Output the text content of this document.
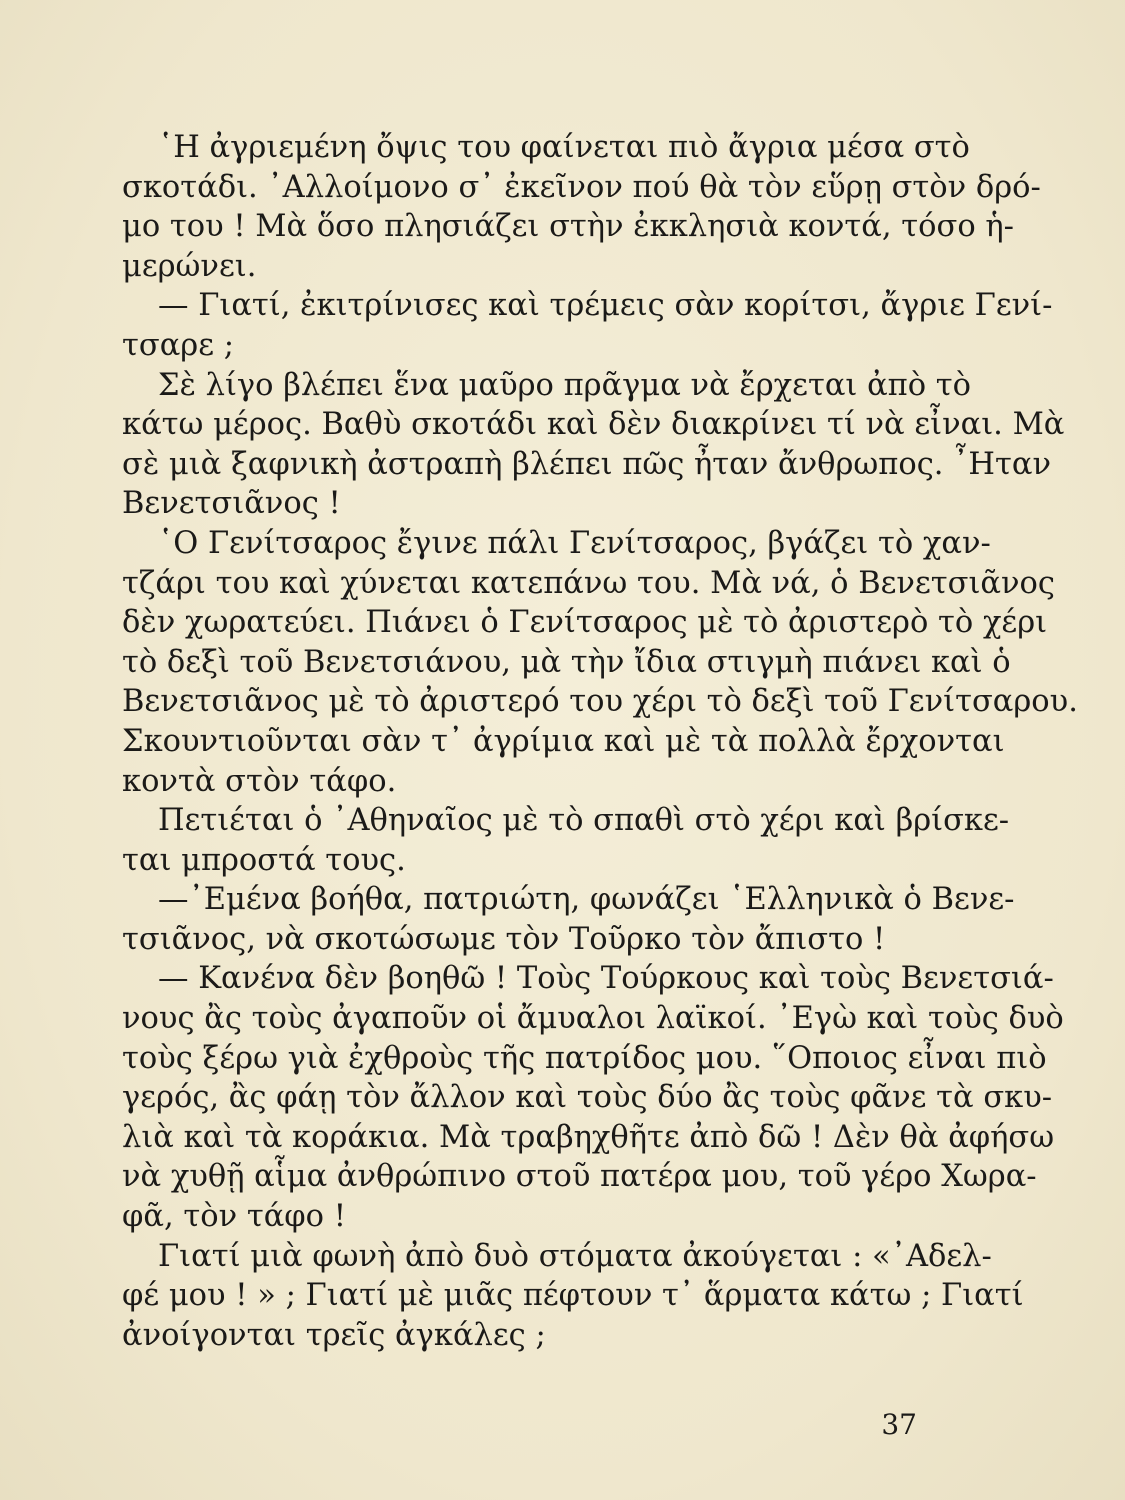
῾Η ἀγριεμένη ὄψις του φαίνεται πιὸ ἄγρια μέσα στὸ
σκοτάδι. ᾿Αλλοίμονο σ᾿ ἐκεῖνον πού θὰ τὸν εὕρῃ στὸν δρό-
μο του ! Μὰ ὅσο πλησιάζει στὴν ἐκκλησιὰ κοντά, τόσο ἡ-
μερώνει.
— Γιατί, ἐκιτρίνισες καὶ τρέμεις σὰν κορίτσι, ἄγριε Γενί-
τσαρε ;
Σὲ λίγο βλέπει ἕνα μαῦρο πρᾶγμα νὰ ἔρχεται ἀπὸ τὸ
κάτω μέρος. Βαθὺ σκοτάδι καὶ δὲν διακρίνει τί νὰ εἶναι. Μὰ
σὲ μιὰ ξαφνικὴ ἀστραπὴ βλέπει πῶς ἦταν ἄνθρωπος. ῏Ηταν
Βενετσιᾶνος !
῾Ο Γενίτσαρος ἔγινε πάλι Γενίτσαρος, βγάζει τὸ χαν-
τζάρι του καὶ χύνεται κατεπάνω του. Μὰ νά, ὁ Βενετσιᾶνος
δὲν χωρατεύει. Πιάνει ὁ Γενίτσαρος μὲ τὸ ἀριστερὸ τὸ χέρι
τὸ δεξὶ τοῦ Βενετσιάνου, μὰ τὴν ἴδια στιγμὴ πιάνει καὶ ὁ
Βενετσιᾶνος μὲ τὸ ἀριστερό του χέρι τὸ δεξὶ τοῦ Γενίτσαρου.
Σκουντιοῦνται σὰν τ᾿ ἀγρίμια καὶ μὲ τὰ πολλὰ ἔρχονται
κοντὰ στὸν τάφο.
Πετιέται ὁ ᾿Αθηναῖος μὲ τὸ σπαθὶ στὸ χέρι καὶ βρίσκε-
ται μπροστά τους.
—᾿Εμένα βοήθα, πατριώτη, φωνάζει ῾Ελληνικὰ ὁ Βενε-
τσιᾶνος, νὰ σκοτώσωμε τὸν Τοῦρκο τὸν ἄπιστο !
— Κανένα δὲν βοηθῶ ! Τοὺς Τούρκους καὶ τοὺς Βενετσιά-
νους ἂς τοὺς ἀγαποῦν οἱ ἄμυαλοι λαϊκοί. ᾿Εγὼ καὶ τοὺς δυὸ
τοὺς ξέρω γιὰ ἐχθροὺς τῆς πατρίδος μου. ῞Οποιος εἶναι πιὸ
γερός, ἂς φάῃ τὸν ἄλλον καὶ τοὺς δύο ἂς τοὺς φᾶνε τὰ σκυ-
λιὰ καὶ τὰ κοράκια. Μὰ τραβηχθῆτε ἀπὸ δῶ ! Δὲν θὰ ἀφήσω
νὰ χυθῇ αἷμα ἀνθρώπινο στοῦ πατέρα μου, τοῦ γέρο Χωρα-
φᾶ, τὸν τάφο !
Γιατί μιὰ φωνὴ ἀπὸ δυὸ στόματα ἀκούγεται : «᾿Αδελ-
φέ μου ! » ; Γιατί μὲ μιᾶς πέφτουν τ᾿ ἅρματα κάτω ; Γιατί
ἀνοίγονται τρεῖς ἀγκάλες ;
37
